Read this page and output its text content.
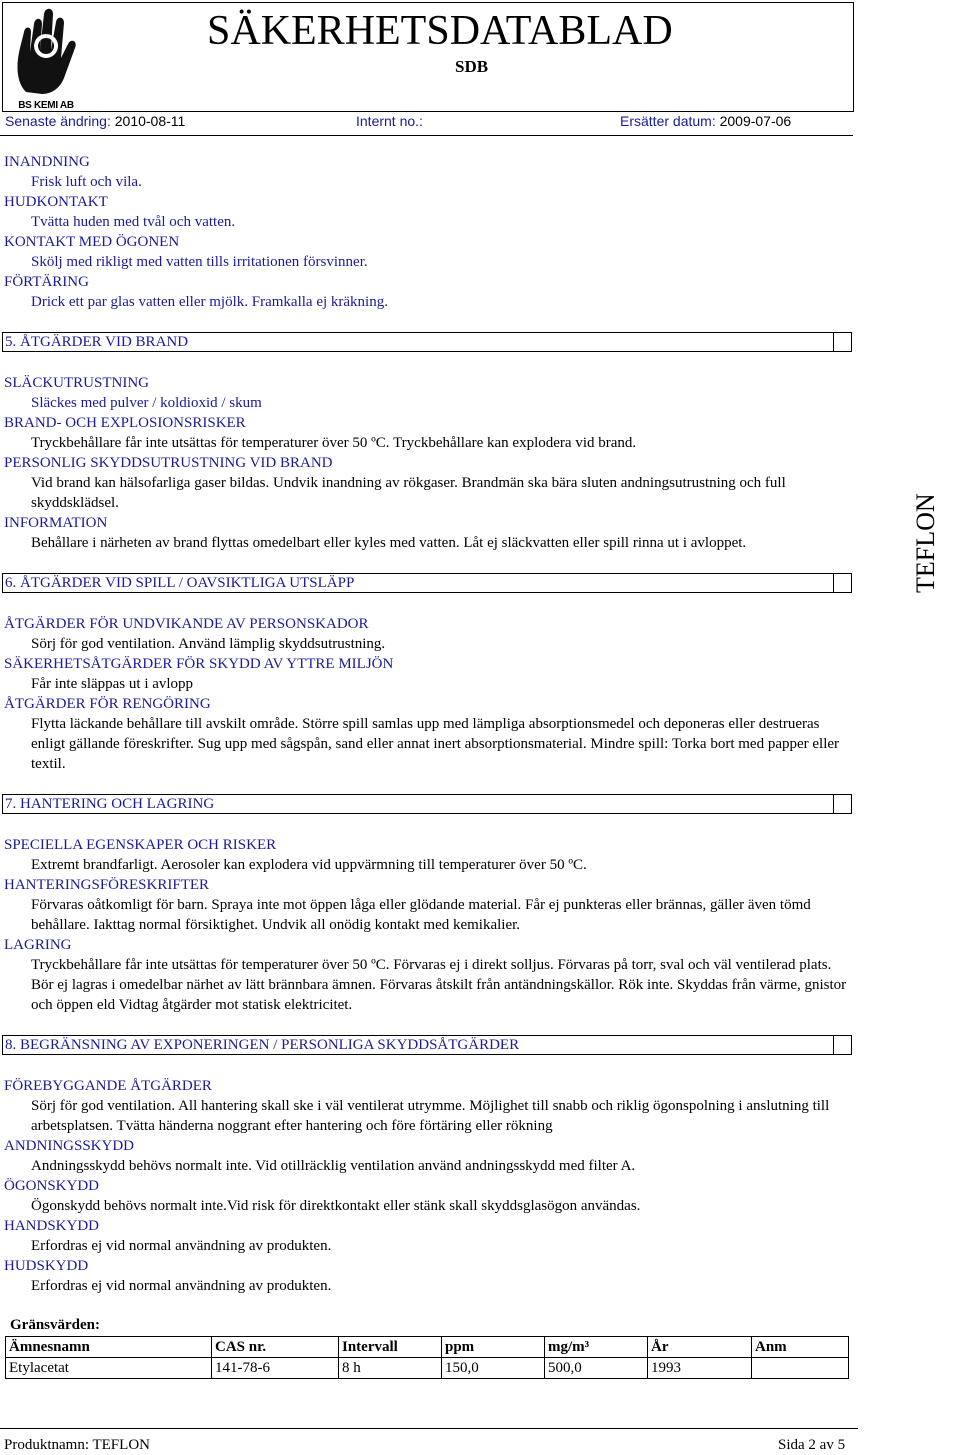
BS KEMI AB
SÄKERHETSDATABLAD
SDB
Senaste ändring: 2010-08-11	Internt no.:	Ersätter datum: 2009-07-06
INANDNING
Frisk luft och vila.
HUDKONTAKT
Tvätta huden med tvål och vatten.
KONTAKT MED ÖGONEN
Skölj med rikligt med vatten tills irritationen försvinner.
FÖRTÄRING
Drick ett par glas vatten eller mjölk. Framkalla ej kräkning.
5. ÅTGÄRDER VID BRAND
SLÄCKUTRUSTNING
Släckes med pulver / koldioxid / skum
BRAND- OCH EXPLOSIONSRISKER
Tryckbehållare får inte utsättas för temperaturer över 50 ºC. Tryckbehållare kan explodera vid brand.
PERSONLIG SKYDDSUTRUSTNING VID BRAND
Vid brand kan hälsofarliga gaser bildas. Undvik inandning av rökgaser. Brandmän ska bära sluten andningsutrustning och full skyddsklädsel.
INFORMATION
Behållare i närheten av brand flyttas omedelbart eller kyles med vatten. Låt ej släckvatten eller spill rinna ut i avloppet.	TEFLON
6. ÅTGÄRDER VID SPILL / OAVSIKTLIGA UTSLÄPP
ÅTGÄRDER FÖR UNDVIKANDE AV PERSONSKADOR
Sörj för god ventilation. Använd lämplig skyddsutrustning.
SÄKERHETSÅTGÄRDER FÖR SKYDD AV YTTRE MILJÖN
Får inte släppas ut i avlopp
ÅTGÄRDER FÖR RENGÖRING
Flytta läckande behållare till avskilt område. Större spill samlas upp med lämpliga absorptionsmedel och deponeras eller destrueras enligt gällande föreskrifter. Sug upp med sågspån, sand eller annat inert absorptionsmaterial. Mindre spill: Torka bort med papper eller textil.
7. HANTERING OCH LAGRING
SPECIELLA EGENSKAPER OCH RISKER
Extremt brandfarligt. Aerosoler kan explodera vid uppvärmning till temperaturer över 50 ºC.
HANTERINGSFÖRESKRIFTER
Förvaras oåtkomligt för barn. Spraya inte mot öppen låga eller glödande material. Får ej punkteras eller brännas, gäller även tömd behållare. Iakttag normal försiktighet. Undvik all onödig kontakt med kemikalier.
LAGRING
Tryckbehållare får inte utsättas för temperaturer över 50 ºC. Förvaras ej i direkt solljus. Förvaras på torr, sval och väl ventilerad plats. Bör ej lagras i omedelbar närhet av lätt brännbara ämnen. Förvaras åtskilt från antändningskällor. Rök inte. Skyddas från värme, gnistor och öppen eld Vidtag åtgärder mot statisk elektricitet.
8. BEGRÄNSNING AV EXPONERINGEN / PERSONLIGA SKYDDSÅTGÄRDER
FÖREBYGGANDE ÅTGÄRDER
Sörj för god ventilation. All hantering skall ske i väl ventilerat utrymme. Möjlighet till snabb och riklig ögonspolning i anslutning till arbetsplatsen. Tvätta händerna noggrant efter hantering och före förtäring eller rökning
ANDNINGSSKYDD
Andningsskydd behövs normalt inte. Vid otillräcklig ventilation använd andningsskydd med filter A.
ÖGONSKYDD
Ögonskydd behövs normalt inte.Vid risk för direktkontakt eller stänk skall skyddsglasögon användas.
HANDSKYDD
Erfordras ej vid normal användning av produkten.
HUDSKYDD
Erfordras ej vid normal användning av produkten.
Gränsvärden:
Ämnesnamn	CAS nr.	Intervall	ppm	mg/m³	År	Anm
Etylacetat	141-78-6	8 h	150,0	500,0	1993	
Produktnamn: TEFLON	Sida 2 av 5
